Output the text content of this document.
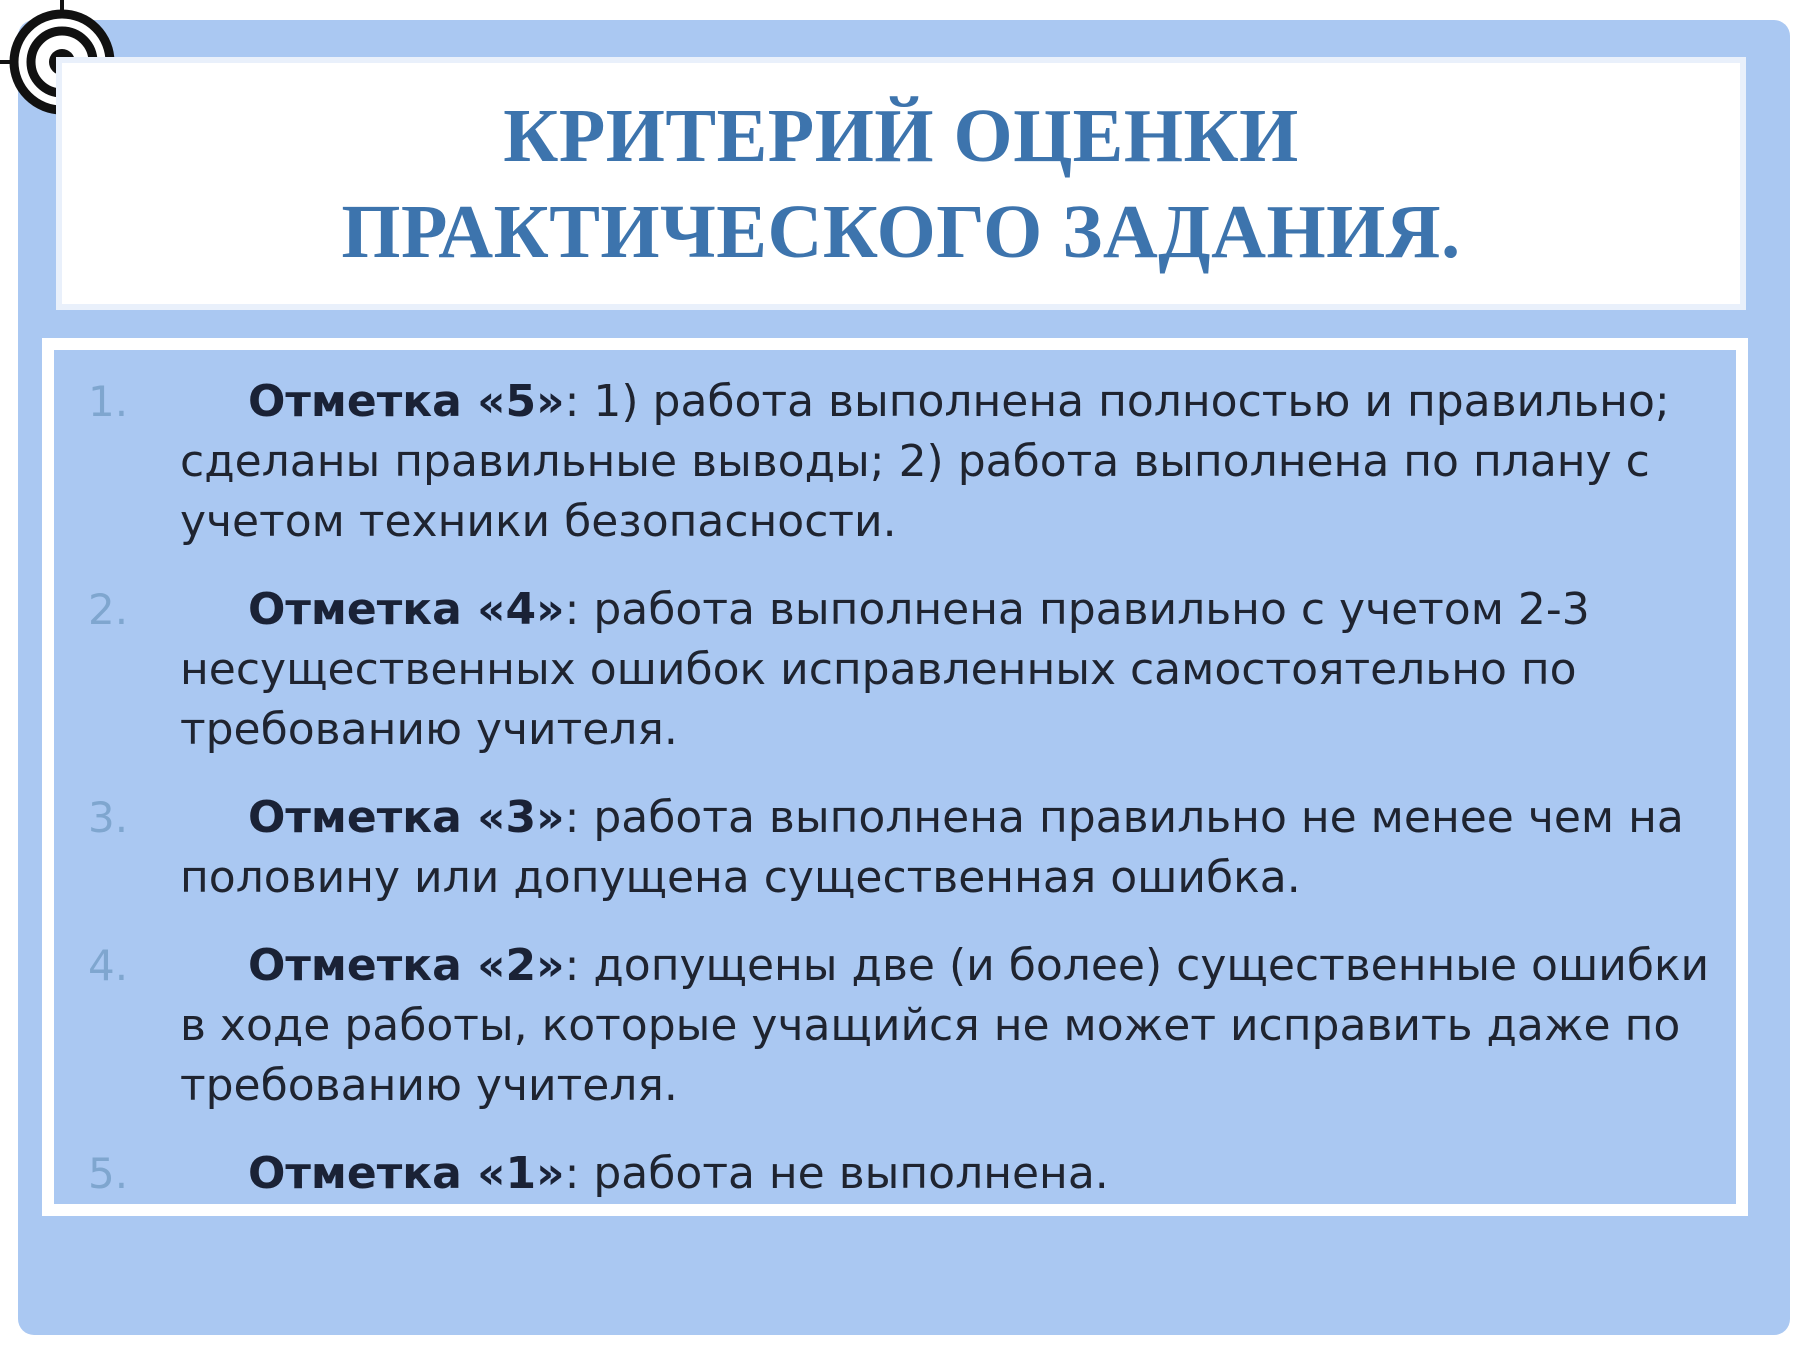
КРИТЕРИЙ ОЦЕНКИ
ПРАКТИЧЕСКОГО ЗАДАНИЯ.
1.	Отметка «5»: 1) работа выполнена полностью и правильно; сделаны правильные выводы; 2) работа выполнена по плану с учетом техники безопасности.
2.	Отметка «4»: работа выполнена правильно с учетом 2-3 несущественных ошибок исправленных самостоятельно по требованию учителя.
3.	Отметка «3»: работа выполнена правильно не менее чем на половину или допущена существенная ошибка.
4.	Отметка «2»: допущены две (и более) существенные ошибки в ходе работы, которые учащийся не может исправить даже по требованию учителя.
5.	Отметка «1»: работа не выполнена.
